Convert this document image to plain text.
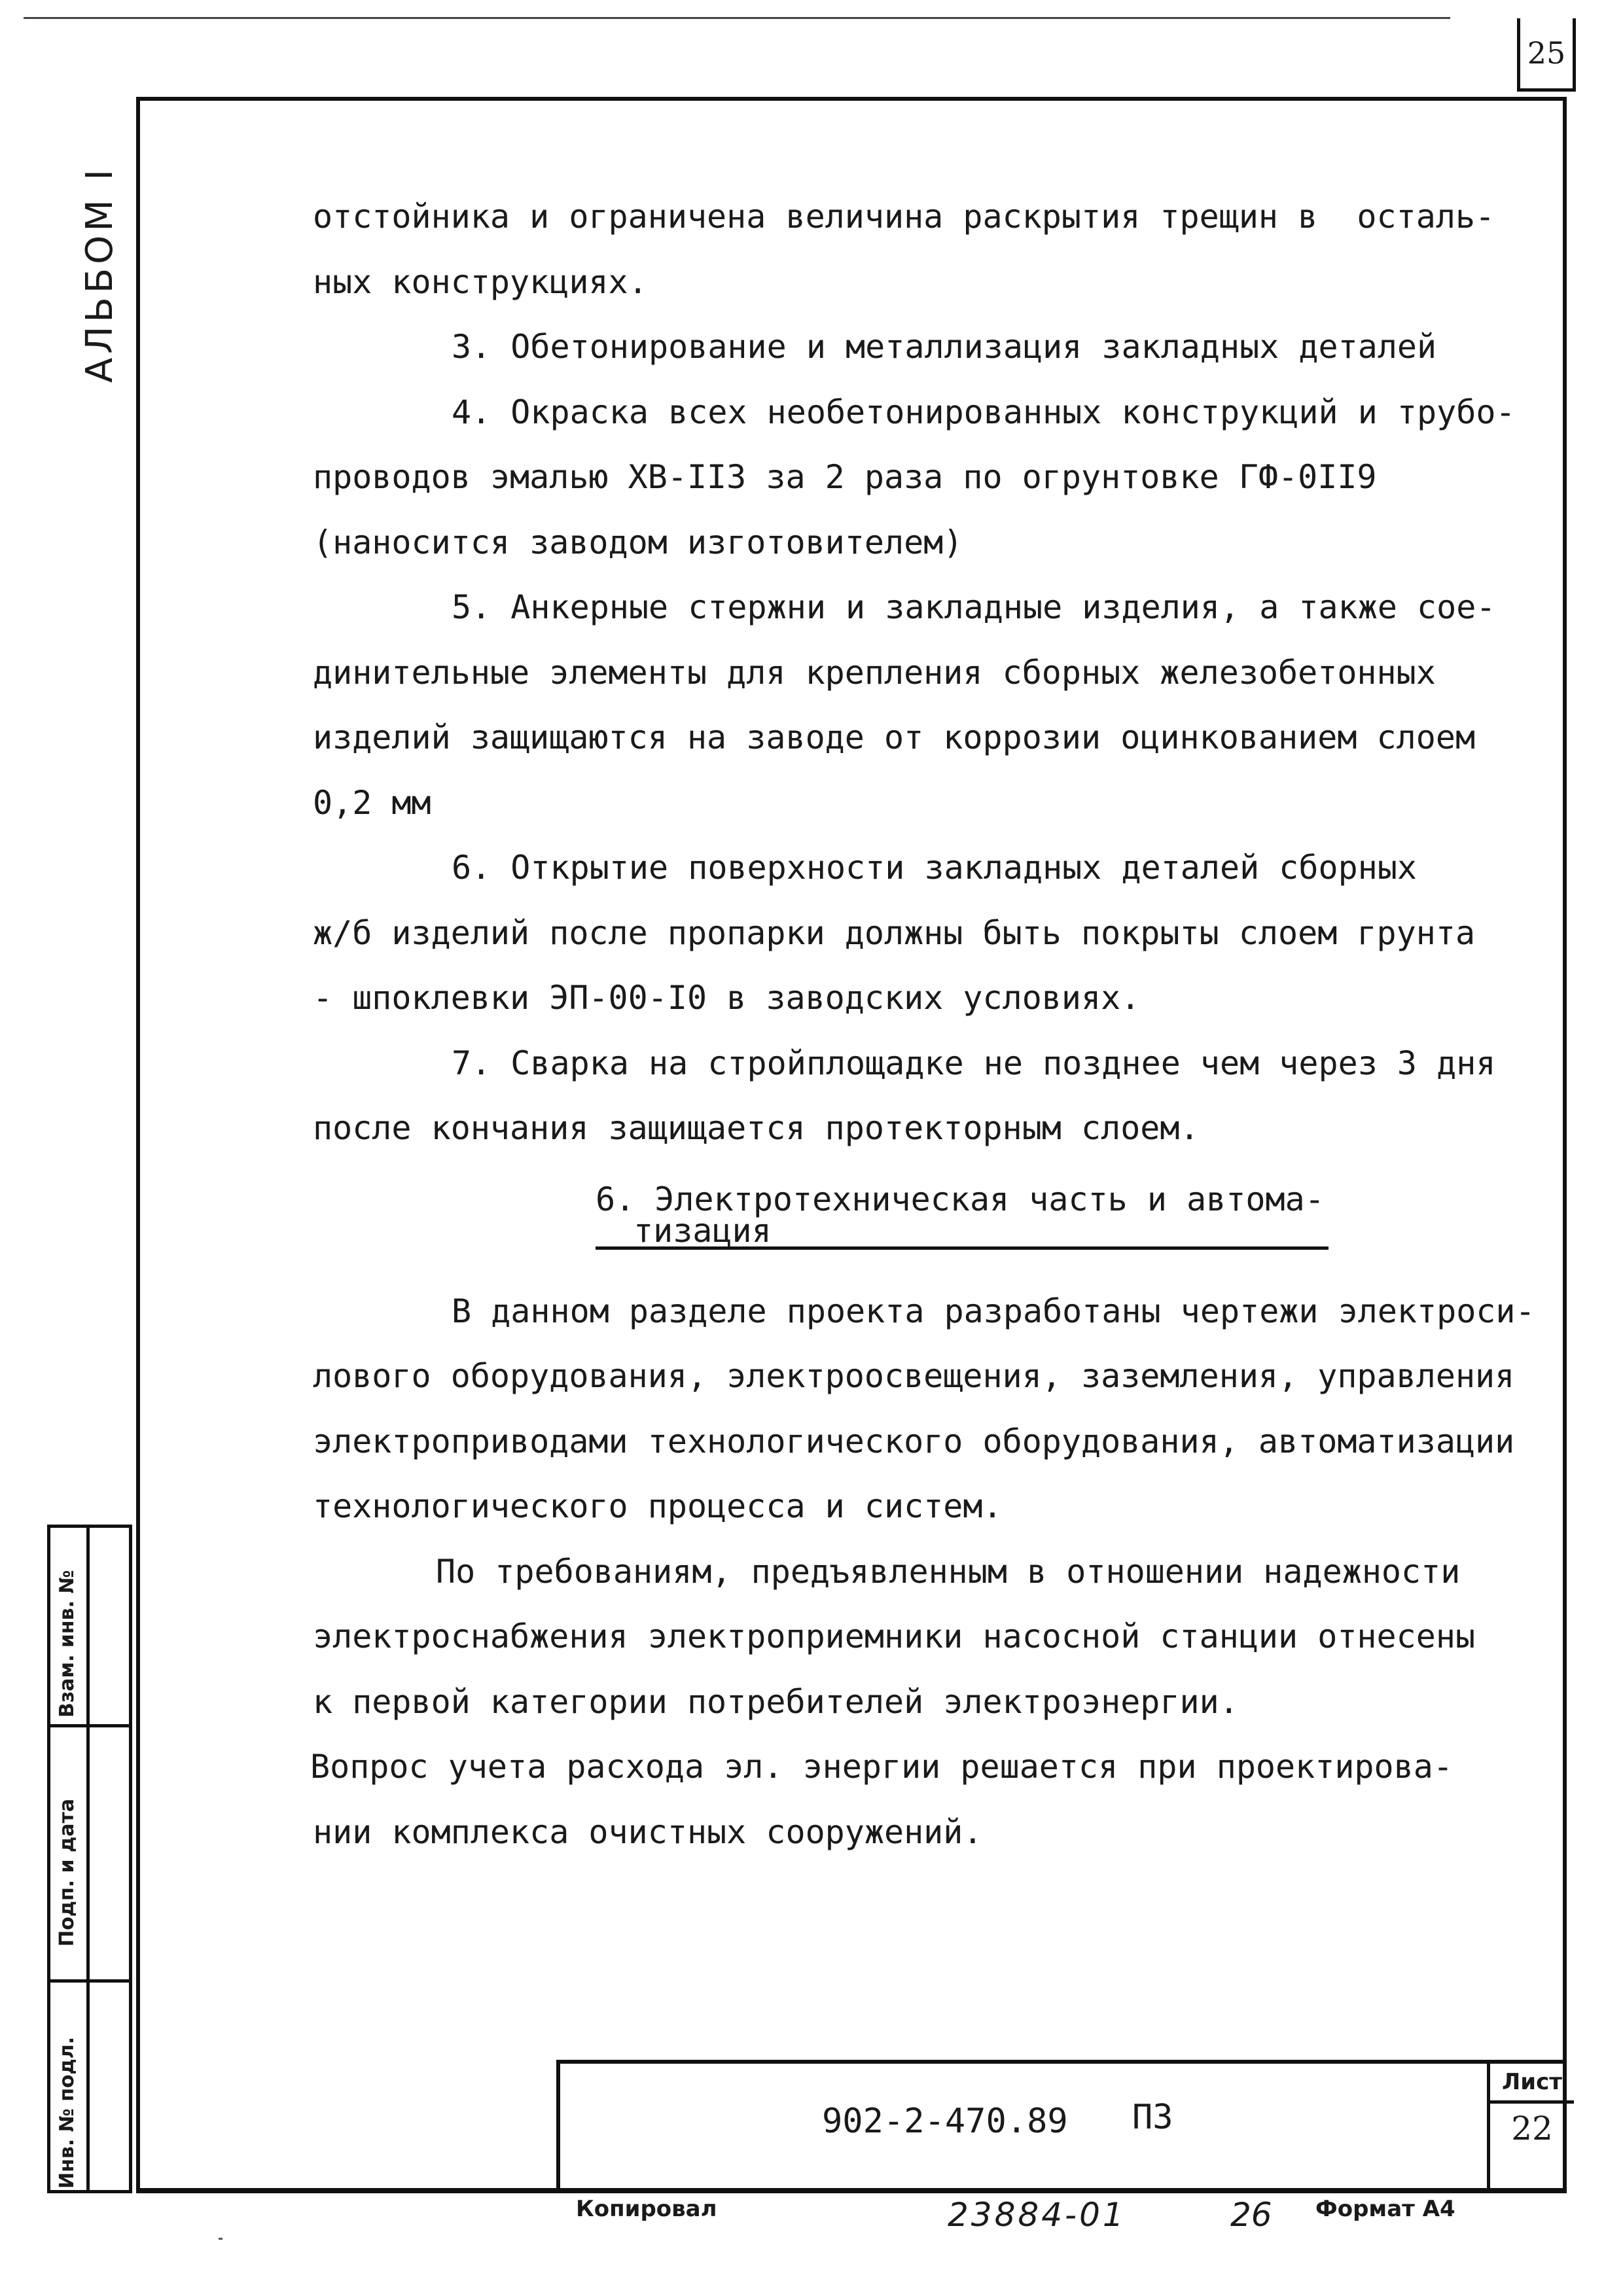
25
АЛЬБОМ I
Взам. инв. №
Подп. и дата
Инв. № подл.

отстойника и ограничена величина раскрытия трещин в  осталь-

ных конструкциях.

3. Обетонирование и металлизация закладных деталей

4. Окраска всех необетонированных конструкций и трубо-

проводов эмалью ХВ-II3 за 2 раза по огрунтовке ГФ-0II9

(наносится заводом изготовителем)

5. Анкерные стержни и закладные изделия, а также сое-

динительные элементы для крепления сборных железобетонных

изделий защищаются на заводе от коррозии оцинкованием слоем

0,2 мм

6. Открытие поверхности закладных деталей сборных

ж/б изделий после пропарки должны быть покрыты слоем грунта

- шпоклевки ЭП-00-I0 в заводских условиях.

7. Сварка на стройплощадке не позднее чем через 3 дня

после кончания защищается протекторным слоем.

6. Электротехническая часть и автома-
тизация

В данном разделе проекта разработаны чертежи электроси-

лового оборудования, электроосвещения, заземления, управления

электроприводами технологического оборудования, автоматизации

технологического процесса и систем.

По требованиям, предъявленным в отношении надежности

электроснабжения электроприемники насосной станции отнесены

к первой категории потребителей электроэнергии.

Вопрос учета расхода эл. энергии решается при проектирова-

нии комплекса очистных сооружений.

902-2-470.89 ПЗ
Лист
22
Копировал	23884-01	26 Формат А4
